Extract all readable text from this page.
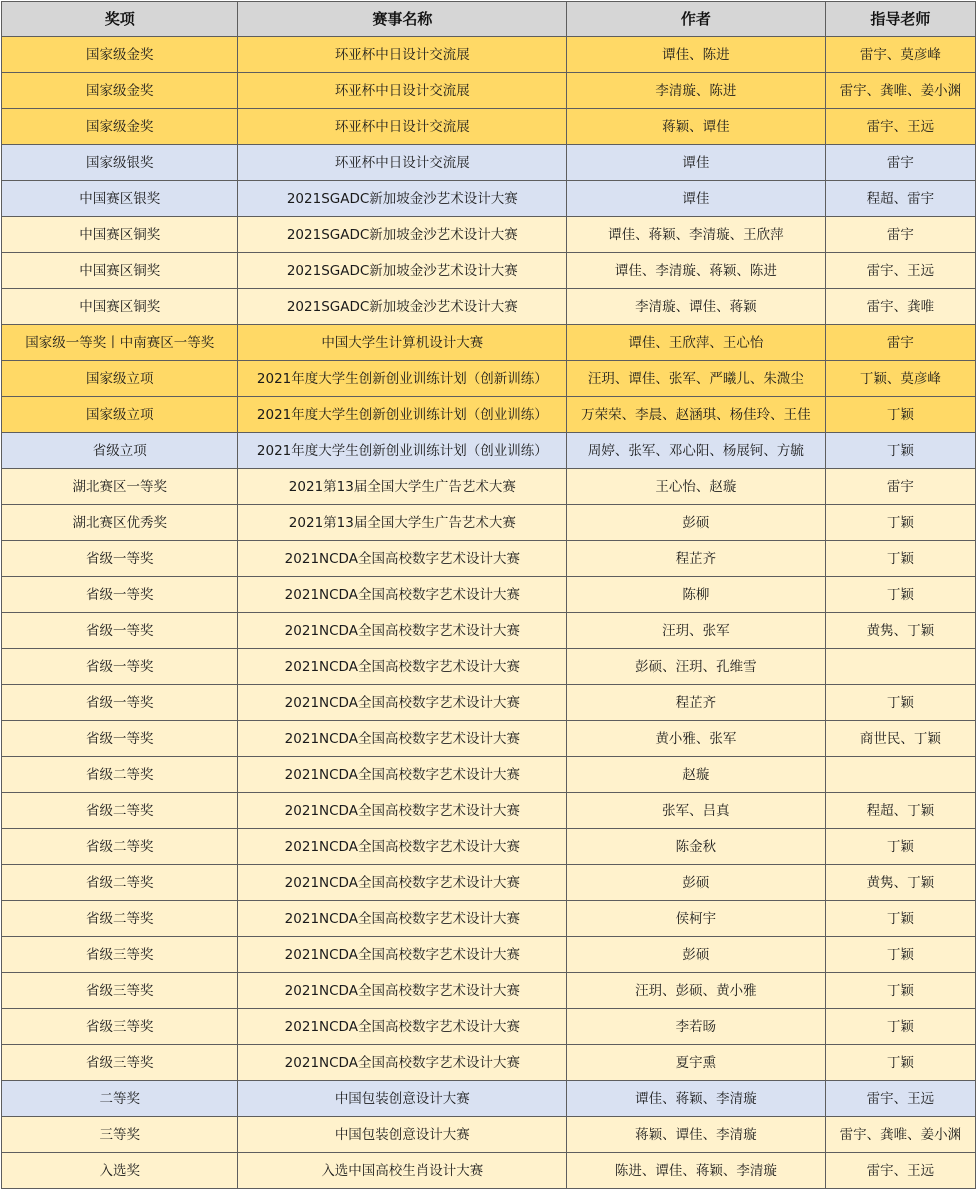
奖项	赛事名称	作者	指导老师
国家级金奖	环亚杯中日设计交流展	谭佳、陈进	雷宇、莫彦峰
国家级金奖	环亚杯中日设计交流展	李清璇、陈进	雷宇、龚唯、姜小渊
国家级金奖	环亚杯中日设计交流展	蒋颖、谭佳	雷宇、王远
国家级银奖	环亚杯中日设计交流展	谭佳	雷宇
中国赛区银奖	2021SGADC新加坡金沙艺术设计大赛	谭佳	程超、雷宇
中国赛区铜奖	2021SGADC新加坡金沙艺术设计大赛	谭佳、蒋颖、李清璇、王欣萍	雷宇
中国赛区铜奖	2021SGADC新加坡金沙艺术设计大赛	谭佳、李清璇、蒋颖、陈进	雷宇、王远
中国赛区铜奖	2021SGADC新加坡金沙艺术设计大赛	李清璇、谭佳、蒋颖	雷宇、龚唯
国家级一等奖丨中南赛区一等奖	中国大学生计算机设计大赛	谭佳、王欣萍、王心怡	雷宇
国家级立项	2021年度大学生创新创业训练计划（创新训练）	汪玥、谭佳、张军、严曦儿、朱溦尘	丁颖、莫彦峰
国家级立项	2021年度大学生创新创业训练计划（创业训练）	万荣荣、李晨、赵涵琪、杨佳玲、王佳	丁颖
省级立项	2021年度大学生创新创业训练计划（创业训练）	周婷、张军、邓心阳、杨展钶、方毓	丁颖
湖北赛区一等奖	2021第13届全国大学生广告艺术大赛	王心怡、赵璇	雷宇
湖北赛区优秀奖	2021第13届全国大学生广告艺术大赛	彭硕	丁颖
省级一等奖	2021NCDA全国高校数字艺术设计大赛	程芷齐	丁颖
省级一等奖	2021NCDA全国高校数字艺术设计大赛	陈柳	丁颖
省级一等奖	2021NCDA全国高校数字艺术设计大赛	汪玥、张军	黄隽、丁颖
省级一等奖	2021NCDA全国高校数字艺术设计大赛	彭硕、汪玥、孔维雪	
省级一等奖	2021NCDA全国高校数字艺术设计大赛	程芷齐	丁颖
省级一等奖	2021NCDA全国高校数字艺术设计大赛	黄小雅、张军	商世民、丁颖
省级二等奖	2021NCDA全国高校数字艺术设计大赛	赵璇	
省级二等奖	2021NCDA全国高校数字艺术设计大赛	张军、吕真	程超、丁颖
省级二等奖	2021NCDA全国高校数字艺术设计大赛	陈金秋	丁颖
省级二等奖	2021NCDA全国高校数字艺术设计大赛	彭硕	黄隽、丁颖
省级二等奖	2021NCDA全国高校数字艺术设计大赛	侯柯宇	丁颖
省级三等奖	2021NCDA全国高校数字艺术设计大赛	彭硕	丁颖
省级三等奖	2021NCDA全国高校数字艺术设计大赛	汪玥、彭硕、黄小雅	丁颖
省级三等奖	2021NCDA全国高校数字艺术设计大赛	李若旸	丁颖
省级三等奖	2021NCDA全国高校数字艺术设计大赛	夏宇熏	丁颖
二等奖	中国包装创意设计大赛	谭佳、蒋颖、李清璇	雷宇、王远
三等奖	中国包装创意设计大赛	蒋颖、谭佳、李清璇	雷宇、龚唯、姜小渊
入选奖	入选中国高校生肖设计大赛	陈进、谭佳、蒋颖、李清璇	雷宇、王远
